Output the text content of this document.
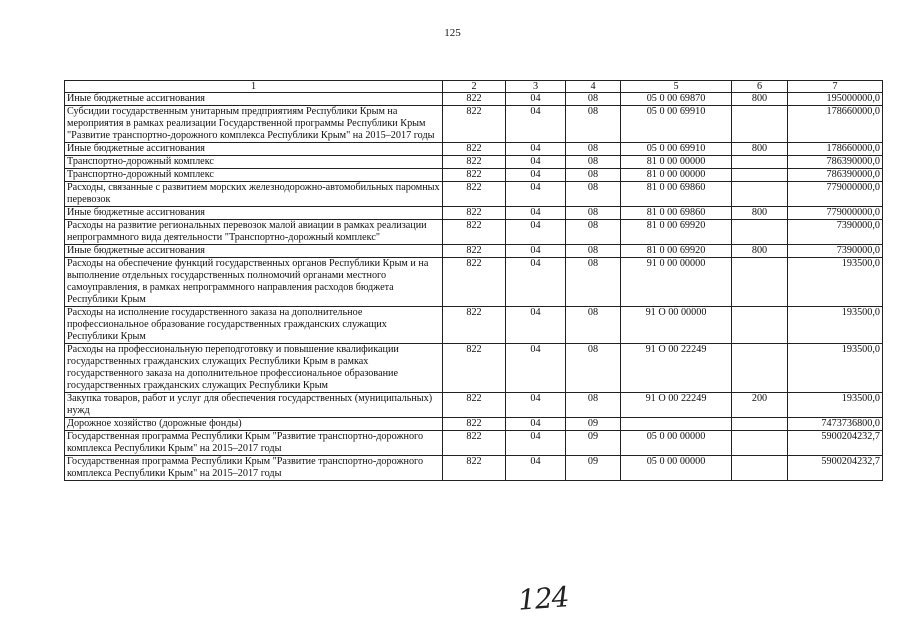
125
1	2	3	4	5	6	7
Иные бюджетные ассигнования	822	04	08	05 0 00 69870	800	195000000,0
Субсидии государственным унитарным предприятиям Республики Крым на мероприятия в рамках реализации Государственной программы Республики Крым "Развитие транспортно-дорожного комплекса Республики Крым" на 2015–2017 годы	822	04	08	05 0 00 69910		178660000,0
Иные бюджетные ассигнования	822	04	08	05 0 00 69910	800	178660000,0
Транспортно-дорожный комплекс	822	04	08	81 0 00 00000		786390000,0
Транспортно-дорожный комплекс	822	04	08	81 0 00 00000		786390000,0
Расходы, связанные с развитием морских железнодорожно-автомобильных паромных перевозок	822	04	08	81 0 00 69860		779000000,0
Иные бюджетные ассигнования	822	04	08	81 0 00 69860	800	779000000,0
Расходы на развитие региональных перевозок малой авиации в рамках реализации непрограммного вида деятельности "Транспортно-дорожный комплекс"	822	04	08	81 0 00 69920		7390000,0
Иные бюджетные ассигнования	822	04	08	81 0 00 69920	800	7390000,0
Расходы на обеспечение функций государственных органов Республики Крым и на выполнение отдельных государственных полномочий органами местного самоуправления, в рамках непрограммного направления расходов бюджета Республики Крым	822	04	08	91 0 00 00000		193500,0
Расходы на исполнение государственного заказа на дополнительное профессиональное образование государственных гражданских служащих Республики Крым	822	04	08	91 О 00 00000		193500,0
Расходы на профессиональную переподготовку и повышение квалификации государственных гражданских служащих Республики Крым в рамках государственного заказа на дополнительное профессиональное образование государственных гражданских служащих Республики Крым	822	04	08	91 О 00 22249		193500,0
Закупка товаров, работ и услуг для обеспечения государственных (муниципальных) нужд	822	04	08	91 О 00 22249	200	193500,0
Дорожное хозяйство (дорожные фонды)	822	04	09			7473736800,0
Государственная программа Республики Крым "Развитие транспортно-дорожного комплекса Республики Крым" на 2015–2017 годы	822	04	09	05 0 00 00000		5900204232,7
Государственная программа Республики Крым "Развитие транспортно-дорожного комплекса Республики Крым" на 2015–2017 годы	822	04	09	05 0 00 00000		5900204232,7
124
